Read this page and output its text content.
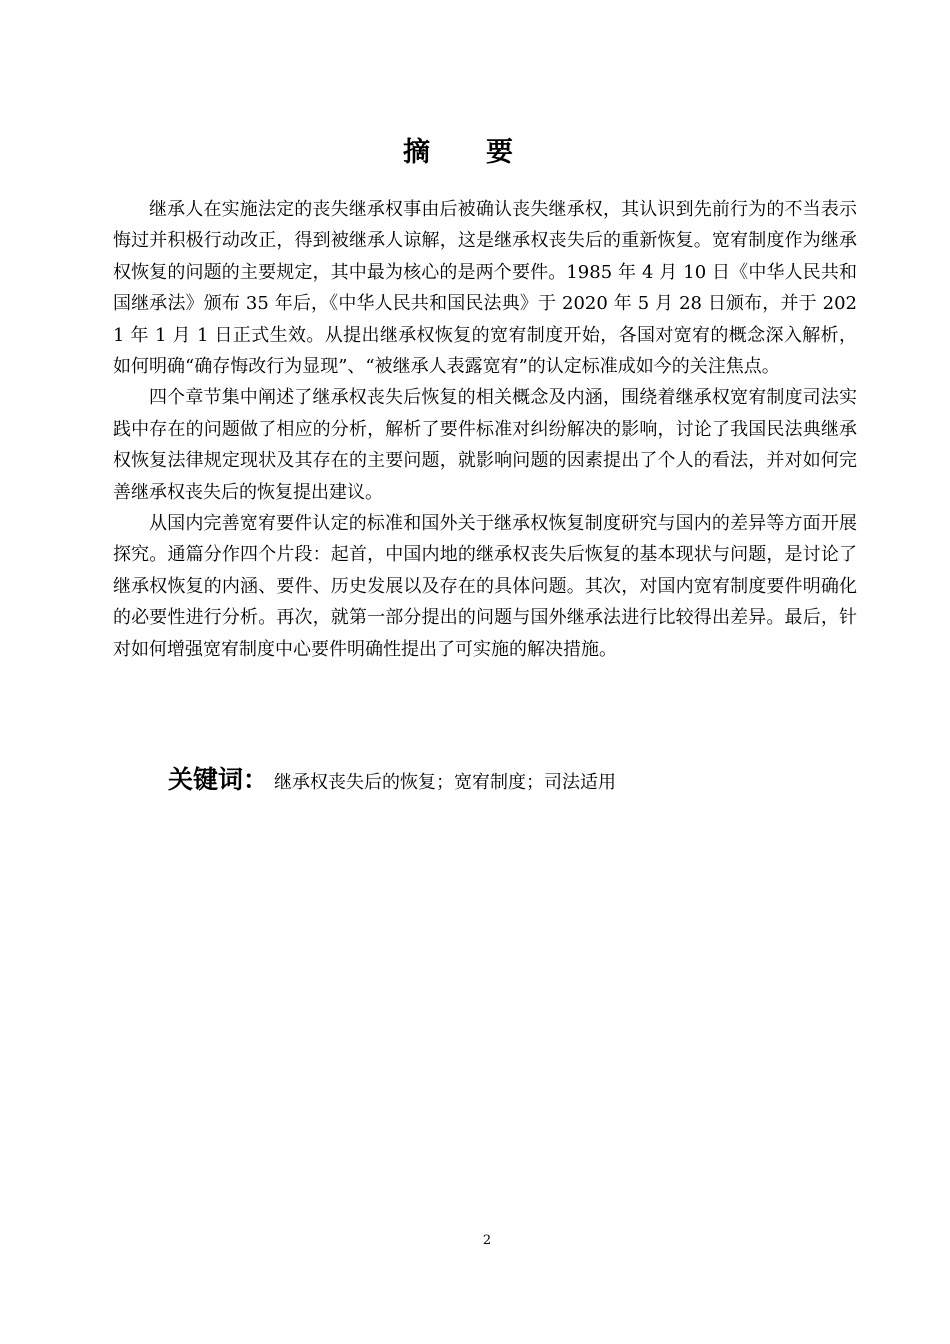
摘要

继承人在实施法定的丧失继承权事由后被确认丧失继承权，其认识到先前行为的不当表示悔过并积极行动改正，得到被继承人谅解，这是继承权丧失后的重新恢复。宽宥制度作为继承权恢复的问题的主要规定，其中最为核心的是两个要件。1985 年 4 月 10 日《中华人民共和国继承法》颁布 35 年后，《中华人民共和国民法典》于 2020 年 5 月 28 日颁布，并于 2021 年 1 月 1 日正式生效。从提出继承权恢复的宽宥制度开始，各国对宽宥的概念深入解析，如何明确“确存悔改行为显现”、“被继承人表露宽宥”的认定标准成如今的关注焦点。

四个章节集中阐述了继承权丧失后恢复的相关概念及内涵，围绕着继承权宽宥制度司法实践中存在的问题做了相应的分析，解析了要件标准对纠纷解决的影响，讨论了我国民法典继承权恢复法律规定现状及其存在的主要问题，就影响问题的因素提出了个人的看法，并对如何完善继承权丧失后的恢复提出建议。

从国内完善宽宥要件认定的标准和国外关于继承权恢复制度研究与国内的差异等方面开展探究。通篇分作四个片段：起首，中国内地的继承权丧失后恢复的基本现状与问题，是讨论了继承权恢复的内涵、要件、历史发展以及存在的具体问题。其次，对国内宽宥制度要件明确化的必要性进行分析。再次，就第一部分提出的问题与国外继承法进行比较得出差异。最后，针对如何增强宽宥制度中心要件明确性提出了可实施的解决措施。

关键词： 继承权丧失后的恢复；宽宥制度；司法适用
2
